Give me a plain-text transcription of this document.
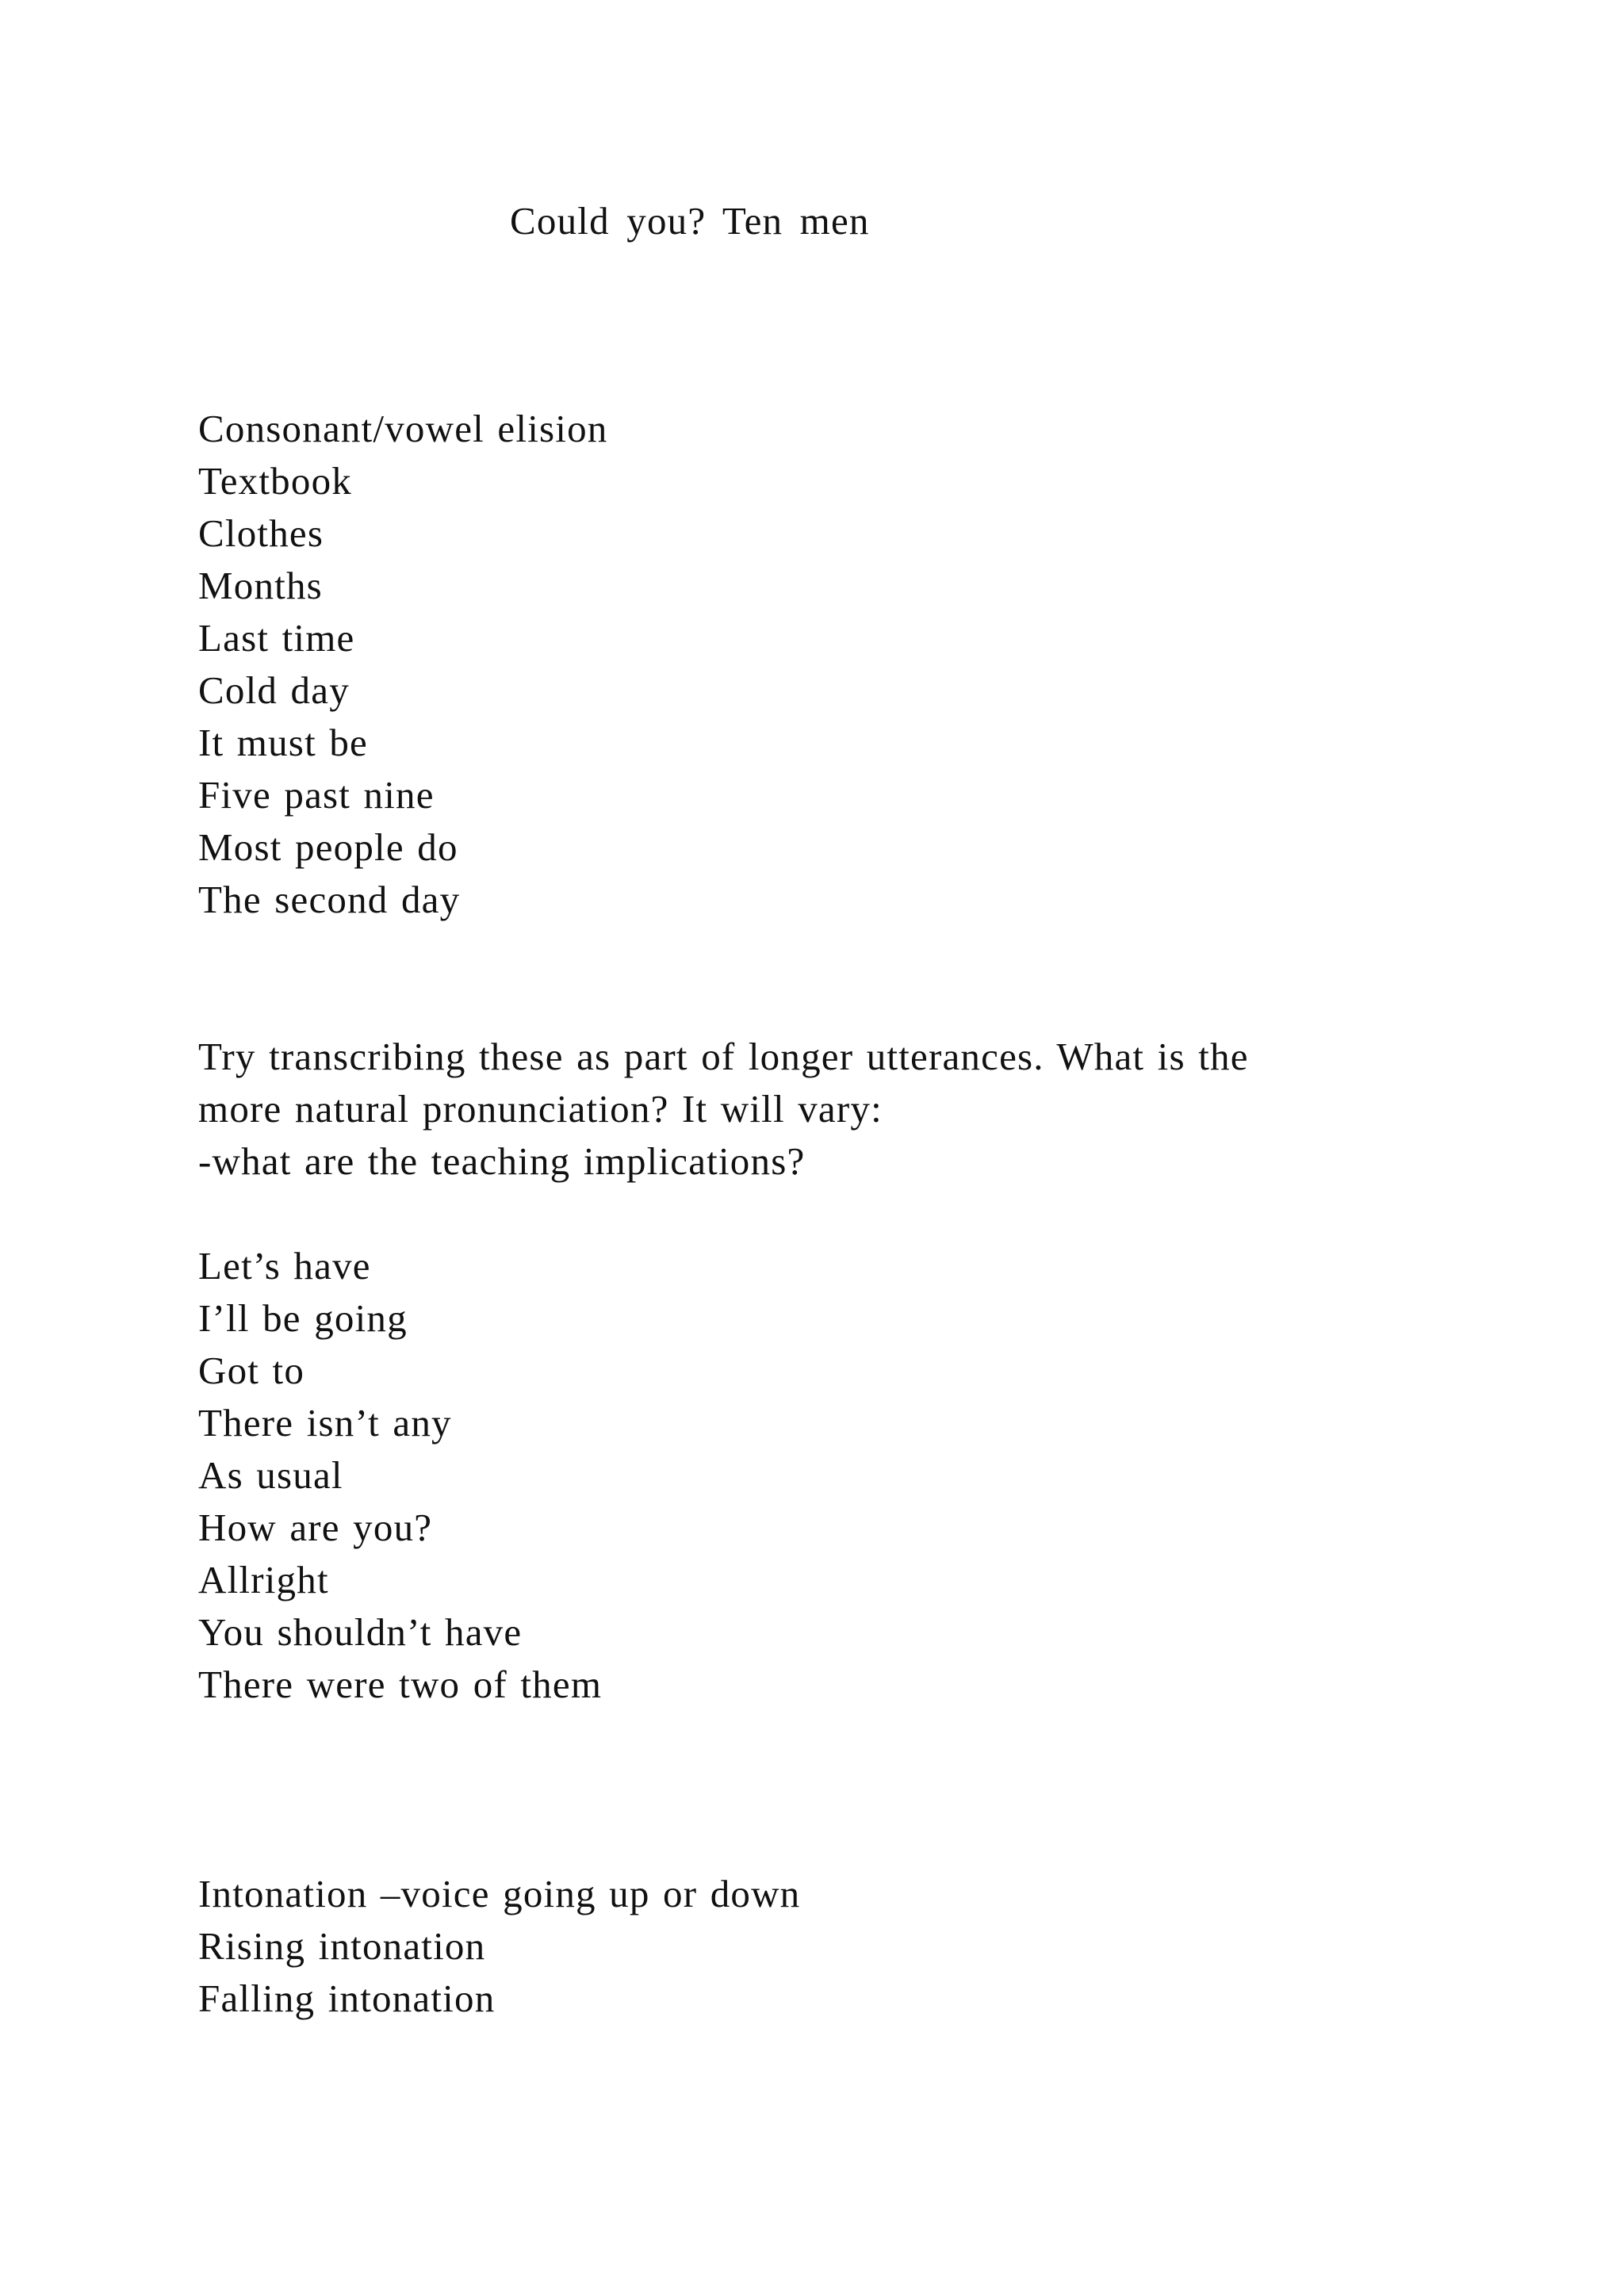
Could you? Ten men
Consonant/vowel elision
Textbook
Clothes
Months
Last time
Cold day
It must be
Five past nine
Most people do
The second day
Try transcribing these as part of longer utterances. What is the
more natural pronunciation? It will vary:
-what are the teaching implications?
Let’s have
I’ll be going
Got to
There isn’t any
As usual
How are you?
Allright
You shouldn’t have
There were two of them
Intonation –voice going up or down
Rising intonation
Falling intonation
